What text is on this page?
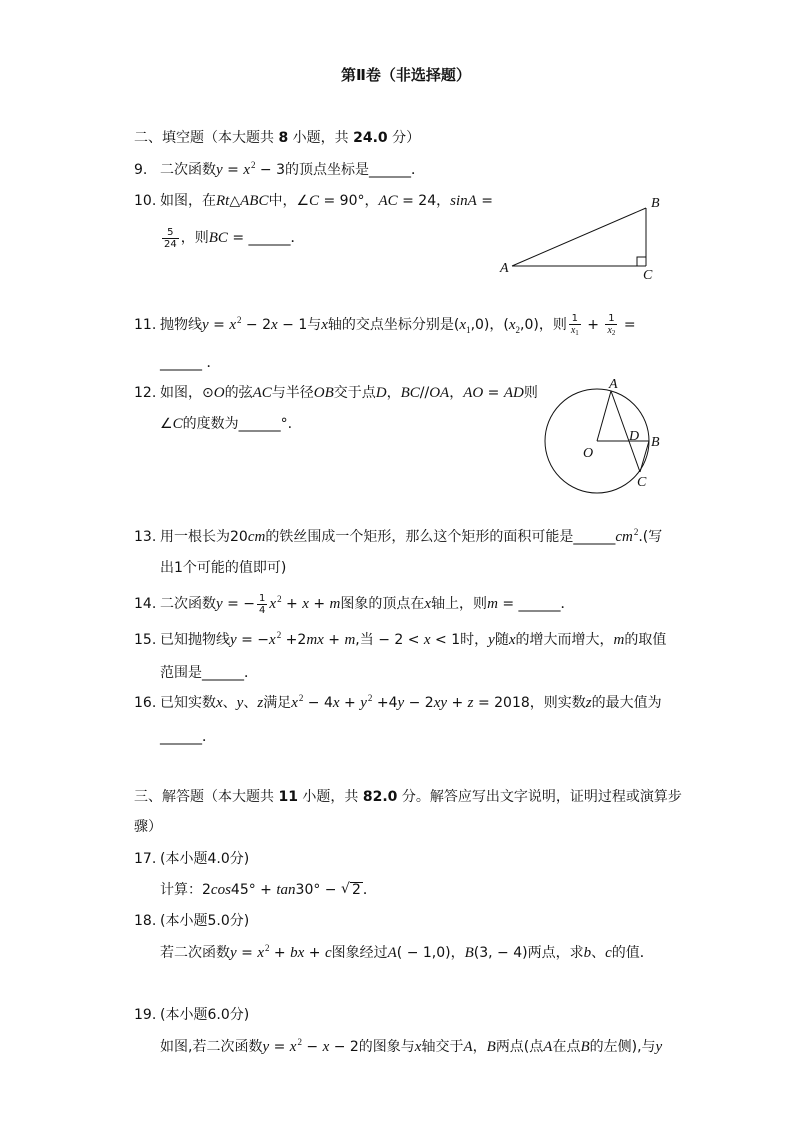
第Ⅱ卷（非选择题）
二、填空题（本大题共 8 小题，共 24.0 分）
9. 二次函数$y = x^2 - 3$的顶点坐标是______．
10. 如图，在Rt△ABC中，∠C = 90°，AC = 24，sinA =
$\frac{5}{24}$ ，则BC = ______．
A
B
C
11. 抛物线$y = x^2 - 2x - 1$与x轴的交点坐标分别是$(x_1,0)$，$(x_2,0)$，则 $\frac{1}{x_1} + \frac{1}{x_2}$ =
______ ．
12. 如图，⊙O的弦AC与半径OB交于点D，BC//OA，AO = AD则
∠C的度数为______°.
A
D B
O
C
13. 用一根长为20cm的铁丝围成一个矩形，那么这个矩形的面积可能是$\_\_\_\_\_\_cm^2$.(写
出1个可能的值即可)
14. 二次函数y = − $\frac{1}{4} x^2 + x + m$图象的顶点在x轴上，则m = ______．
15. 已知抛物线$y = -x^2 +2mx + m$,当 − 2 < x < 1时，y随x的增大而增大，m的取值
范围是______．
16. 已知实数x、y、z满足$x^2 - 4x + y^2 +4y - 2xy + z = 2018$，则实数z的最大值为
______．
三、解答题（本大题共 11 小题，共 82.0 分。解答应写出文字说明，证明过程或演算步
骤）
17. (本小题4.0分)
计算：2cos45° + tan30° − √ 2 ．
18. (本小题5.0分)
若二次函数$y = x^2$ + bx + c图象经过A( − 1,0)，B(3, − 4)两点，求b、c的值．
19. (本小题6.0分)
如图,若二次函数$y = x^2 - x - 2$的图象与x轴交于A，B两点(点A在点B的左侧),与y
